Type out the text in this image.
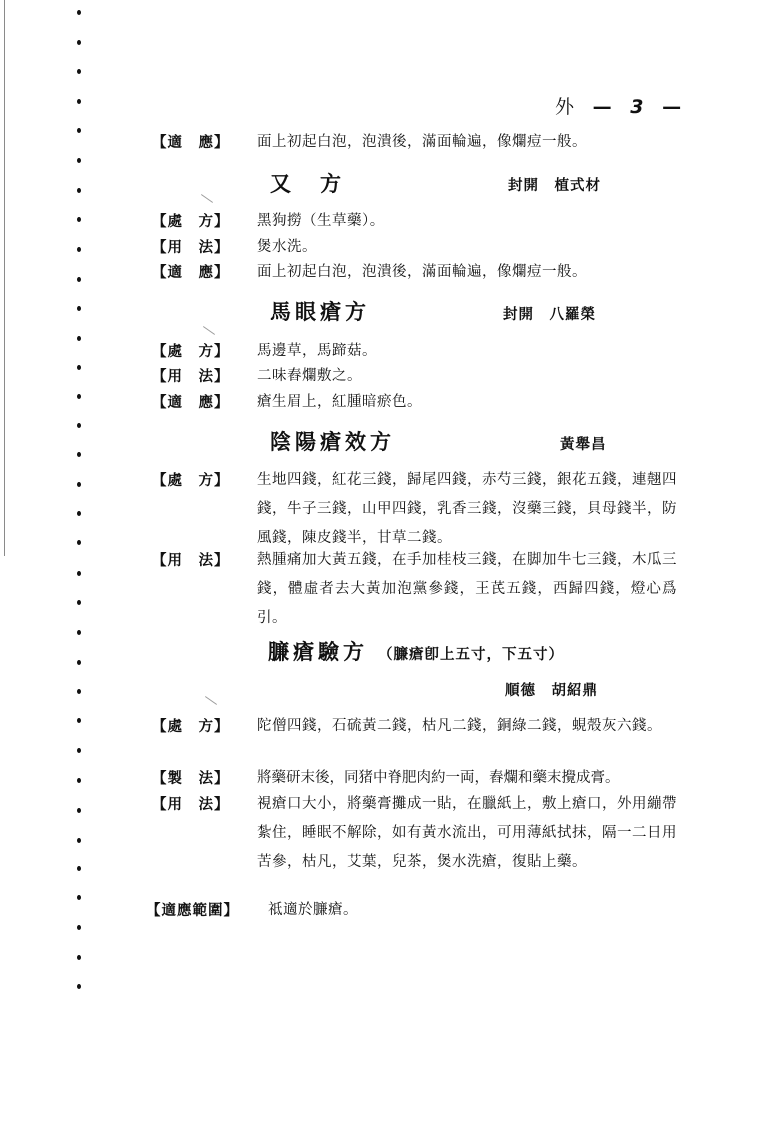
外 — 3 —
【適　應】 面上初起白泡，泡潰後，滿面輪遍，像爛痘一般。
又　方	封開　植式材
【處　方】 黑狗撈（生草藥）。
【用　法】 煲水洗。
【適　應】 面上初起白泡，泡潰後，滿面輪遍，像爛痘一般。
馬眼瘡方	封開　八羅榮
【處　方】 馬邊草，馬蹄菇。
【用　法】 二味舂爛敷之。
【適　應】 瘡生眉上，紅腫暗瘀色。
陰陽瘡效方	黃舉昌
【處　方】 生地四錢，紅花三錢，歸尾四錢，赤芍三錢，銀花五錢，連翹四錢，牛子三錢，山甲四錢，乳香三錢，沒藥三錢，貝母錢半，防風錢，陳皮錢半，甘草二錢。
【用　法】 熱腫痛加大黃五錢，在手加桂枝三錢，在脚加牛七三錢，木瓜三錢，體虛者去大黃加泡黨參錢，王芪五錢，西歸四錢，燈心爲引。
臁瘡驗方 （臁瘡卽上五寸，下五寸）
順德　胡紹鼎
【處　方】 陀僧四錢，石硫黃二錢，枯凡二錢，銅綠二錢，蜆殼灰六錢。
【製　法】 將藥研末後，同猪中脊肥肉約一両，舂爛和藥末攪成膏。
【用　法】 視瘡口大小，將藥膏攤成一貼，在臘紙上，敷上瘡口，外用繃帶紮住，睡眠不解除，如有黃水流出，可用薄紙拭抹，隔一二日用苦參，枯凡，艾葉，兒茶，煲水洗瘡，復貼上藥。
【適應範圍】 祗適於臁瘡。
